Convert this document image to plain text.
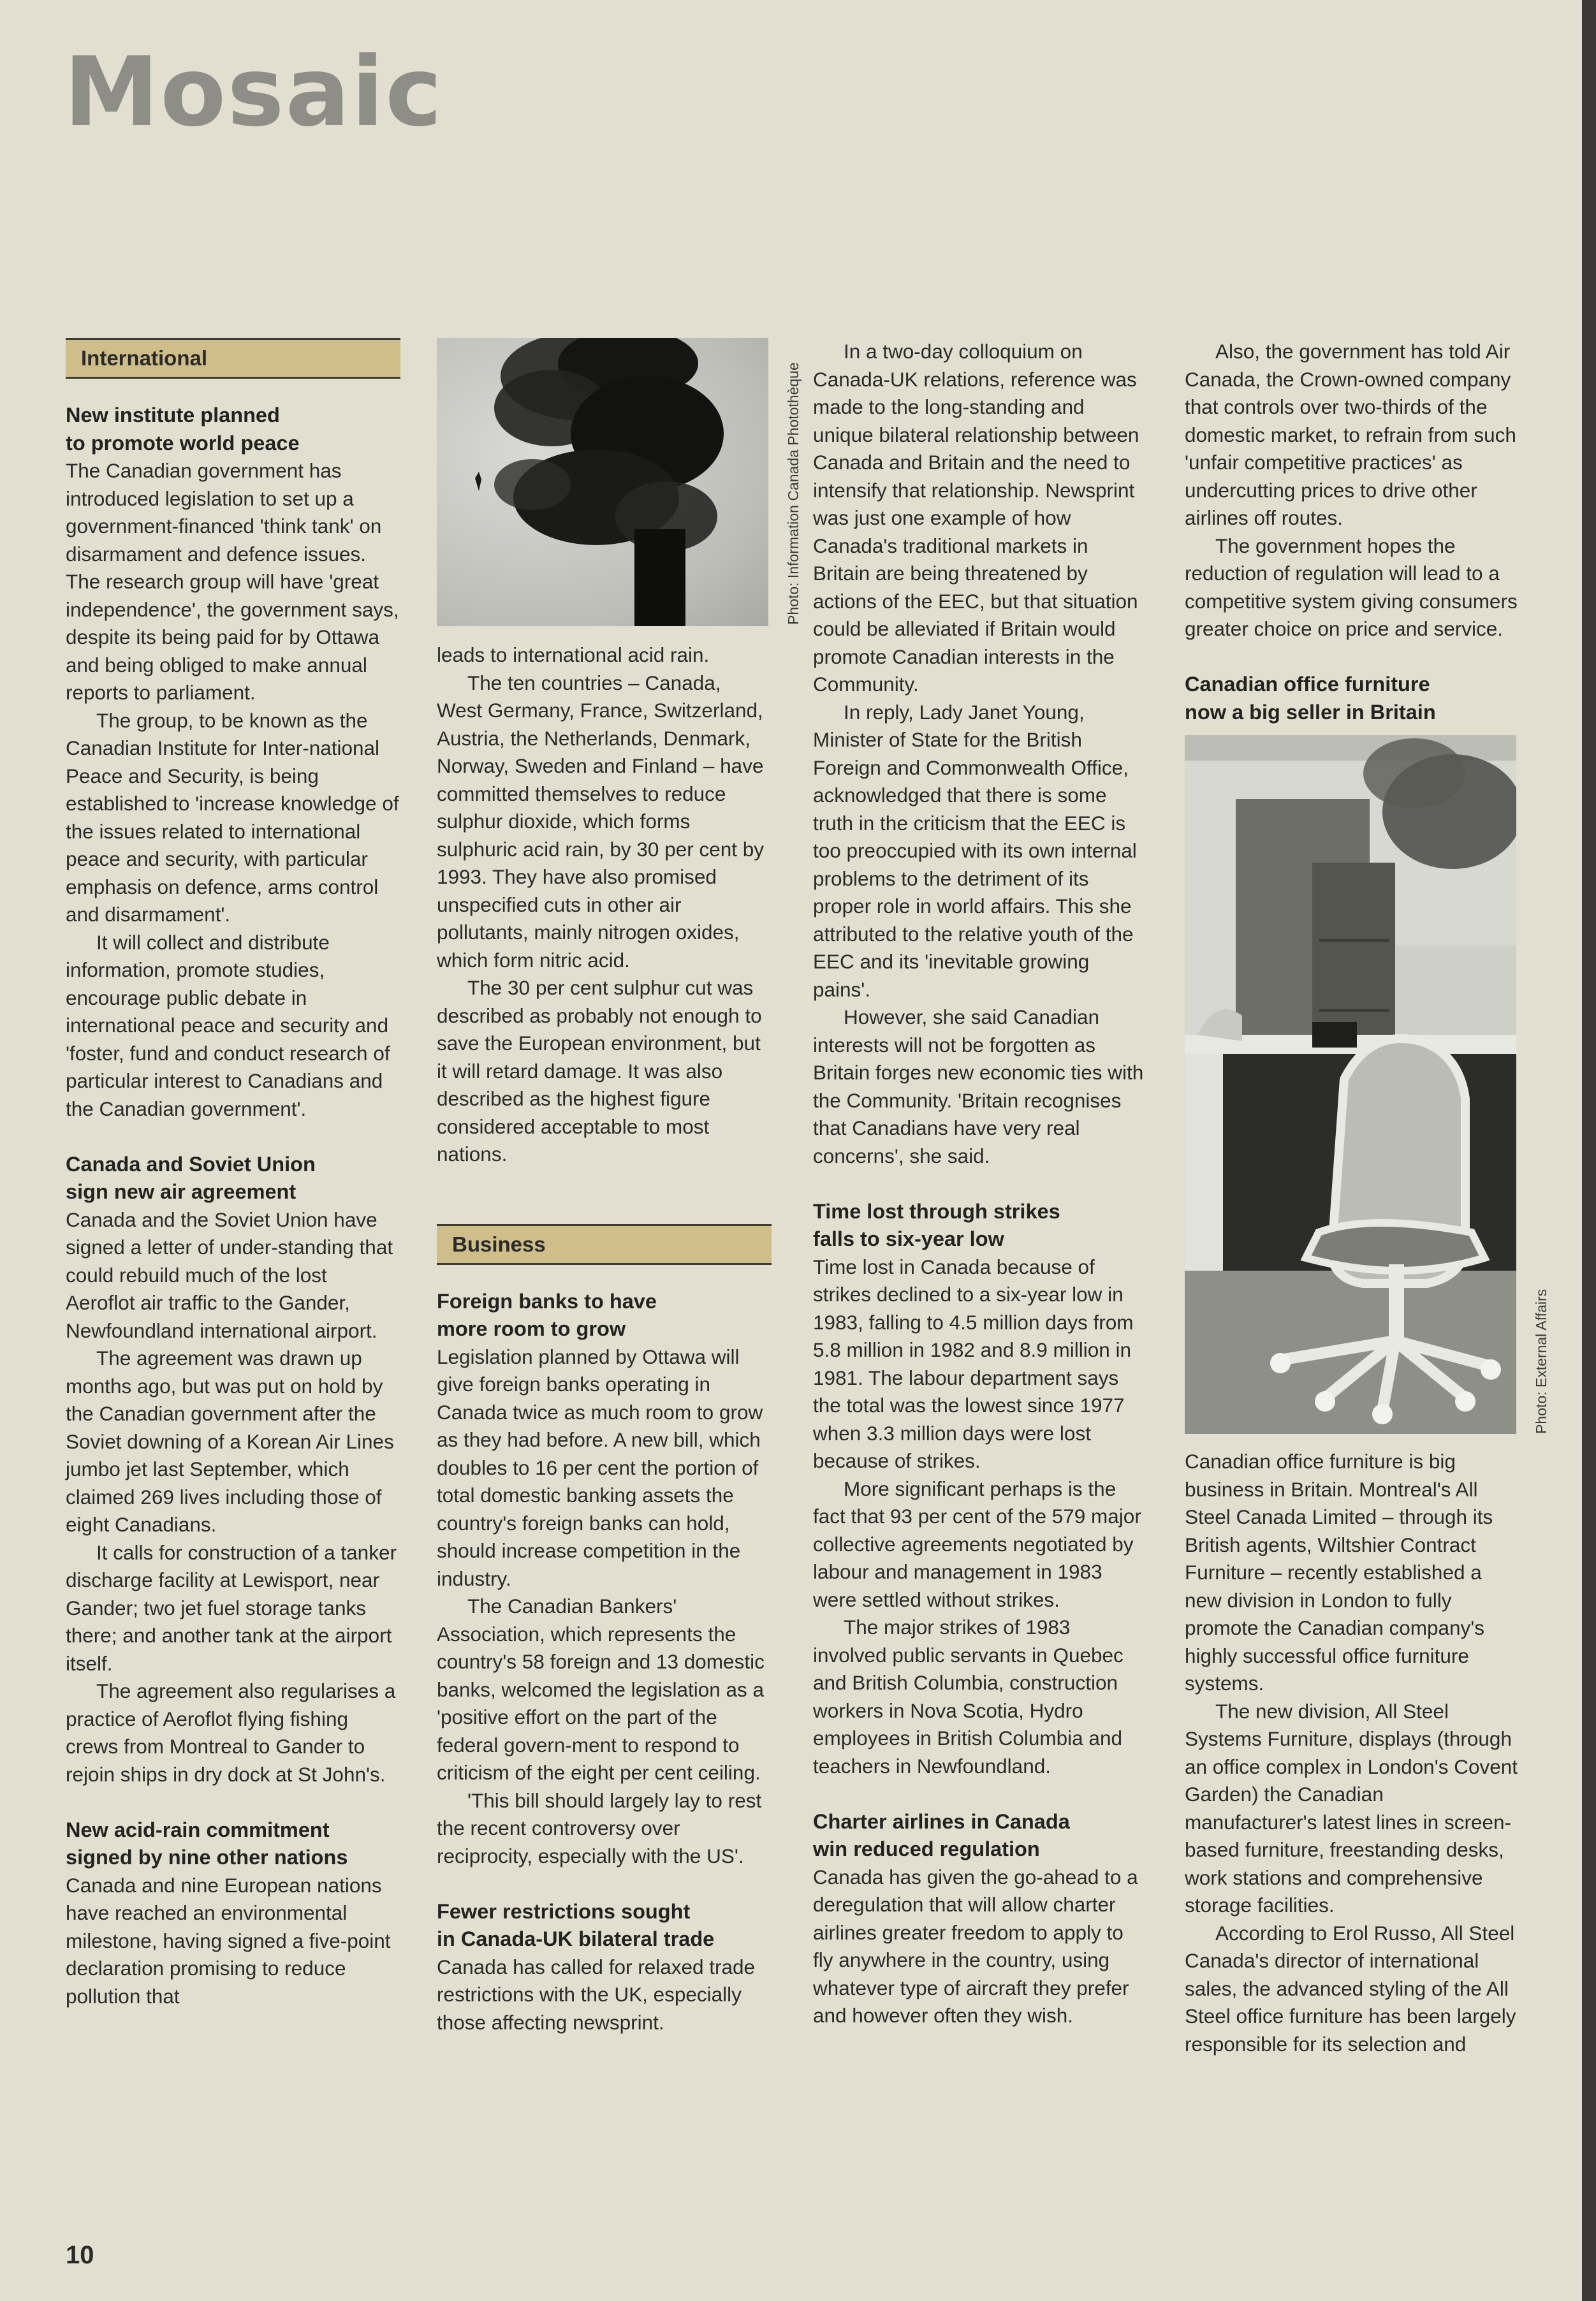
Mosaic
International
New institute planned
to promote world peace

The Canadian government has introduced legislation to set up a government-financed 'think tank' on disarmament and defence issues. The research group will have 'great independence', the government says, despite its being paid for by Ottawa and being obliged to make annual reports to parliament.

The group, to be known as the Canadian Institute for Inter-national Peace and Security, is being established to 'increase knowledge of the issues related to international peace and security, with particular emphasis on defence, arms control and disarmament'.

It will collect and distribute information, promote studies, encourage public debate in international peace and security and 'foster, fund and conduct research of particular interest to Canadians and the Canadian government'.

Canada and Soviet Union
sign new air agreement

Canada and the Soviet Union have signed a letter of under-standing that could rebuild much of the lost Aeroflot air traffic to the Gander, Newfoundland international airport.

The agreement was drawn up months ago, but was put on hold by the Canadian government after the Soviet downing of a Korean Air Lines jumbo jet last September, which claimed 269 lives including those of eight Canadians.

It calls for construction of a tanker discharge facility at Lewisport, near Gander; two jet fuel storage tanks there; and another tank at the airport itself.

The agreement also regularises a practice of Aeroflot flying fishing crews from Montreal to Gander to rejoin ships in dry dock at St John's.

New acid-rain commitment
signed by nine other nations

Canada and nine European nations have reached an environmental milestone, having signed a five-point declaration promising to reduce pollution that

Photo: Information Canada Photothèque

leads to international acid rain.

The ten countries – Canada, West Germany, France, Switzerland, Austria, the Netherlands, Denmark, Norway, Sweden and Finland – have committed themselves to reduce sulphur dioxide, which forms sulphuric acid rain, by 30 per cent by 1993. They have also promised unspecified cuts in other air pollutants, mainly nitrogen oxides, which form nitric acid.

The 30 per cent sulphur cut was described as probably not enough to save the European environment, but it will retard damage. It was also described as the highest figure considered acceptable to most nations.

Business
Foreign banks to have
more room to grow

Legislation planned by Ottawa will give foreign banks operating in Canada twice as much room to grow as they had before. A new bill, which doubles to 16 per cent the portion of total domestic banking assets the country's foreign banks can hold, should increase competition in the industry.

The Canadian Bankers' Association, which represents the country's 58 foreign and 13 domestic banks, welcomed the legislation as a 'positive effort on the part of the federal govern-ment to respond to criticism of the eight per cent ceiling.

'This bill should largely lay to rest the recent controversy over reciprocity, especially with the US'.

Fewer restrictions sought
in Canada-UK bilateral trade

Canada has called for relaxed trade restrictions with the UK, especially those affecting newsprint.

In a two-day colloquium on Canada-UK relations, reference was made to the long-standing and unique bilateral relationship between Canada and Britain and the need to intensify that relationship. Newsprint was just one example of how Canada's traditional markets in Britain are being threatened by actions of the EEC, but that situation could be alleviated if Britain would promote Canadian interests in the Community.

In reply, Lady Janet Young, Minister of State for the British Foreign and Commonwealth Office, acknowledged that there is some truth in the criticism that the EEC is too preoccupied with its own internal problems to the detriment of its proper role in world affairs. This she attributed to the relative youth of the EEC and its 'inevitable growing pains'.

However, she said Canadian interests will not be forgotten as Britain forges new economic ties with the Community. 'Britain recognises that Canadians have very real concerns', she said.

Time lost through strikes
falls to six-year low

Time lost in Canada because of strikes declined to a six-year low in 1983, falling to 4.5 million days from 5.8 million in 1982 and 8.9 million in 1981. The labour department says the total was the lowest since 1977 when 3.3 million days were lost because of strikes.

More significant perhaps is the fact that 93 per cent of the 579 major collective agreements negotiated by labour and management in 1983 were settled without strikes.

The major strikes of 1983 involved public servants in Quebec and British Columbia, construction workers in Nova Scotia, Hydro employees in British Columbia and teachers in Newfoundland.

Charter airlines in Canada
win reduced regulation

Canada has given the go-ahead to a deregulation that will allow charter airlines greater freedom to apply to fly anywhere in the country, using whatever type of aircraft they prefer and however often they wish.

Also, the government has told Air Canada, the Crown-owned company that controls over two-thirds of the domestic market, to refrain from such 'unfair competitive practices' as undercutting prices to drive other airlines off routes.

The government hopes the reduction of regulation will lead to a competitive system giving consumers greater choice on price and service.

Canadian office furniture
now a big seller in Britain
Photo: External Affairs

Canadian office furniture is big business in Britain. Montreal's All Steel Canada Limited – through its British agents, Wiltshier Contract Furniture – recently established a new division in London to fully promote the Canadian company's highly successful office furniture systems.

The new division, All Steel Systems Furniture, displays (through an office complex in London's Covent Garden) the Canadian manufacturer's latest lines in screen-based furniture, freestanding desks, work stations and comprehensive storage facilities.

According to Erol Russo, All Steel Canada's director of international sales, the advanced styling of the All Steel office furniture has been largely responsible for its selection and

10
